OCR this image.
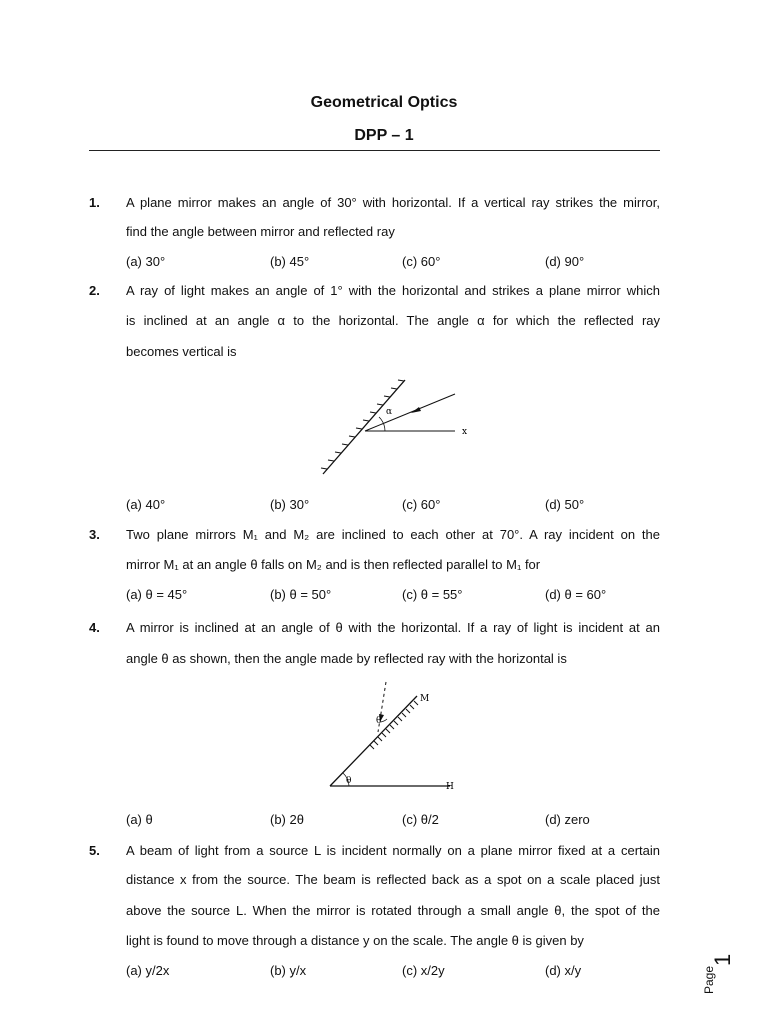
Geometrical Optics
DPP – 1
1. A plane mirror makes an angle of 30° with horizontal. If a vertical ray strikes the mirror,
find the angle between mirror and reflected ray
(a) 30°	(b) 45°	(c) 60°	(d) 90°
2. A ray of light makes an angle of 1° with the horizontal and strikes a plane mirror which
is inclined at an angle α to the horizontal. The angle α for which the reflected ray
becomes vertical is
α
x
(a) 40°	(b) 30°	(c) 60°	(d) 50°
3. Two plane mirrors M₁ and M₂ are inclined to each other at 70°. A ray incident on the
mirror M₁ at an angle θ falls on M₂ and is then reflected parallel to M₁ for
(a) θ = 45°	(b) θ = 50°	(c) θ = 55°	(d) θ = 60°
4. A mirror is inclined at an angle of θ with the horizontal. If a ray of light is incident at an
angle θ as shown, then the angle made by reflected ray with the horizontal is
θ
θ
M
H
(a) θ	(b) 2θ	(c) θ/2	(d) zero
5. A beam of light from a source L is incident normally on a plane mirror fixed at a certain
distance x from the source. The beam is reflected back as a spot on a scale placed just
above the source L. When the mirror is rotated through a small angle θ, the spot of the
light is found to move through a distance y on the scale. The angle θ is given by
(a) y/2x	(b) y/x	(c) x/2y	(d) x/y	Page
1
